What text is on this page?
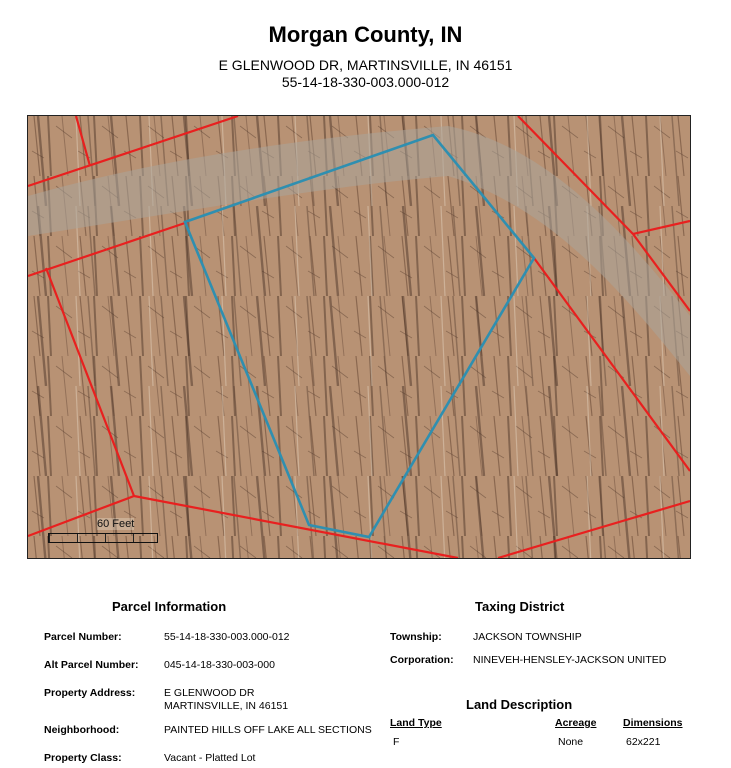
Morgan County, IN
E GLENWOOD DR, MARTINSVILLE, IN 46151
55-14-18-330-003.000-012
60 Feet
Parcel Information
Parcel Number:	55-14-18-330-003.000-012
Alt Parcel Number: 045-14-18-330-003-000
Property Address:	E GLENWOOD DR
MARTINSVILLE, IN 46151
Neighborhood:	PAINTED HILLS OFF LAKE ALL SECTIONS
Property Class:	Vacant - Platted Lot
Taxing District
Township:	JACKSON TOWNSHIP
Corporation: NINEVEH-HENSLEY-JACKSON UNITED
Land Description
Land Type	Acreage	Dimensions
F	None	62x221
